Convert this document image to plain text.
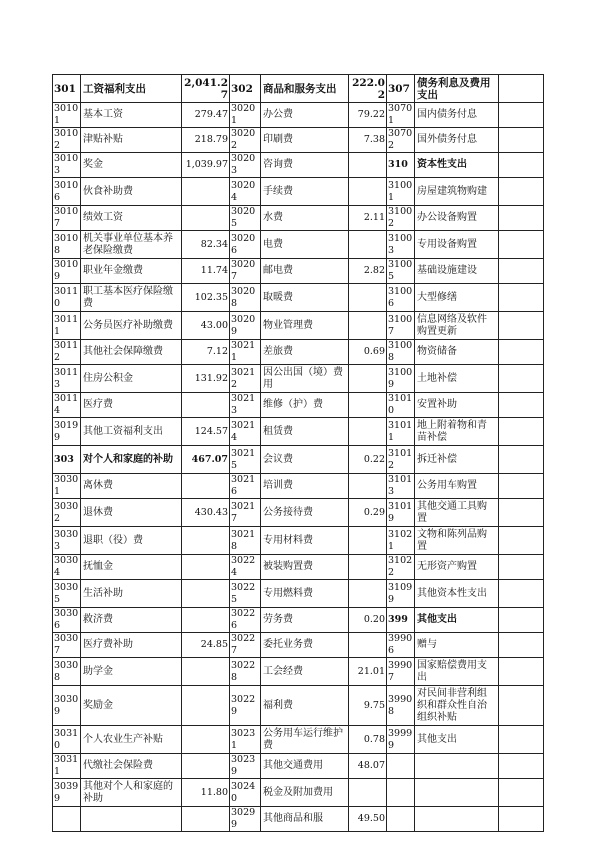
301	工资福利支出	2,041.27	302	商品和服务支出	222.02	307	债务利息及费用支出	
30101	基本工资	279.47	30201	办公费	79.22	30701	国内债务付息	
30102	津贴补贴	218.79	30202	印刷费	7.38	30702	国外债务付息	
30103	奖金	1,039.97	30203	咨询费		310	资本性支出	
30106	伙食补助费		30204	手续费		31001	房屋建筑物购建	
30107	绩效工资		30205	水费	2.11	31002	办公设备购置	
30108	机关事业单位基本养老保险缴费	82.34	30206	电费		31003	专用设备购置	
30109	职业年金缴费	11.74	30207	邮电费	2.82	31005	基础设施建设	
30110	职工基本医疗保险缴费	102.35	30208	取暖费		31006	大型修缮	
30111	公务员医疗补助缴费	43.00	30209	物业管理费		31007	信息网络及软件购置更新	
30112	其他社会保障缴费	7.12	30211	差旅费	0.69	31008	物资储备	
30113	住房公积金	131.92	30212	因公出国（境）费用		31009	土地补偿	
30114	医疗费		30213	维修（护）费		31010	安置补助	
30199	其他工资福利支出	124.57	30214	租赁费		31011	地上附着物和青苗补偿	
303	对个人和家庭的补助	467.07	30215	会议费	0.22	31012	拆迁补偿	
30301	离休费		30216	培训费		31013	公务用车购置	
30302	退休费	430.43	30217	公务接待费	0.29	31019	其他交通工具购置	
30303	退职（役）费		30218	专用材料费		31021	文物和陈列品购置	
30304	抚恤金		30224	被装购置费		31022	无形资产购置	
30305	生活补助		30225	专用燃料费		31099	其他资本性支出	
30306	救济费		30226	劳务费	0.20	399	其他支出	
30307	医疗费补助	24.85	30227	委托业务费		39906	赠与	
30308	助学金		30228	工会经费	21.01	39907	国家赔偿费用支出	
30309	奖励金		30229	福利费	9.75	39908	对民间非营利组织和群众性自治组织补贴	
30310	个人农业生产补贴		30231	公务用车运行维护费	0.78	39999	其他支出	
30311	代缴社会保险费		30239	其他交通费用	48.07			
30399	其他对个人和家庭的补助	11.80	30240	税金及附加费用				
			30299	其他商品和服	49.50			
